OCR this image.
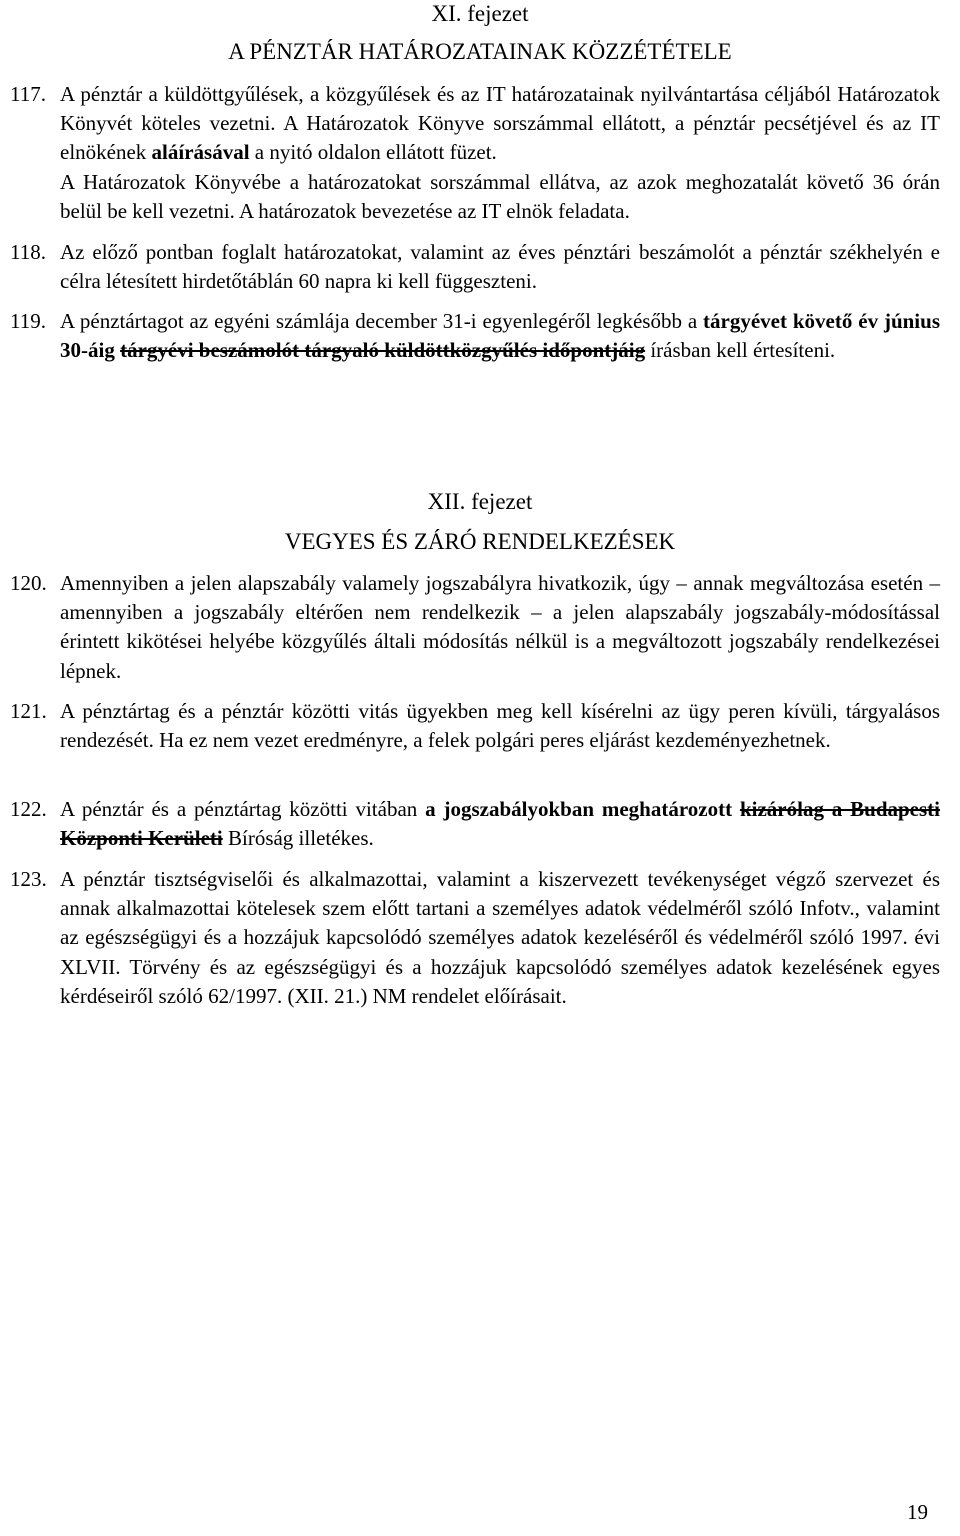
XI. fejezet
A PÉNZTÁR HATÁROZATAINAK KÖZZÉTÉTELE
117. A pénztár a küldöttgyűlések, a közgyűlések és az IT határozatainak nyilvántartása céljából Határozatok Könyvét köteles vezetni. A Határozatok Könyve sorszámmal ellátott, a pénztár pecsétjével és az IT elnökének aláírásával a nyitó oldalon ellátott füzet.
A Határozatok Könyvébe a határozatokat sorszámmal ellátva, az azok meghozatalát követő 36 órán belül be kell vezetni. A határozatok bevezetése az IT elnök feladata.
118. Az előző pontban foglalt határozatokat, valamint az éves pénztári beszámolót a pénztár székhelyén e célra létesített hirdetőtáblán 60 napra ki kell függeszteni.
119. A pénztártagot az egyéni számlája december 31-i egyenlegéről legkésőbb a tárgyévet követő év június 30-áig tárgyévi beszámolót tárgyaló küldöttközgyűlés időpontjáig írásban kell értesíteni.
XII. fejezet
VEGYES ÉS ZÁRÓ RENDELKEZÉSEK
120. Amennyiben a jelen alapszabály valamely jogszabályra hivatkozik, úgy – annak megváltozása esetén – amennyiben a jogszabály eltérően nem rendelkezik – a jelen alapszabály jogszabály-módosítással érintett kikötései helyébe közgyűlés általi módosítás nélkül is a megváltozott jogszabály rendelkezései lépnek.
121. A pénztártag és a pénztár közötti vitás ügyekben meg kell kísérelni az ügy peren kívüli, tárgyalásos rendezését. Ha ez nem vezet eredményre, a felek polgári peres eljárást kezdeményezhetnek.
122. A pénztár és a pénztártag közötti vitában a jogszabályokban meghatározott kizárólag a Budapesti Központi Kerületi Bíróság illetékes.
123. A pénztár tisztségviselői és alkalmazottai, valamint a kiszervezett tevékenységet végző szervezet és annak alkalmazottai kötelesek szem előtt tartani a személyes adatok védelméről szóló Infotv., valamint az egészségügyi és a hozzájuk kapcsolódó személyes adatok kezeléséről és védelméről szóló 1997. évi XLVII. Törvény és az egészségügyi és a hozzájuk kapcsolódó személyes adatok kezelésének egyes kérdéseiről szóló 62/1997. (XII. 21.) NM rendelet előírásait.
19
